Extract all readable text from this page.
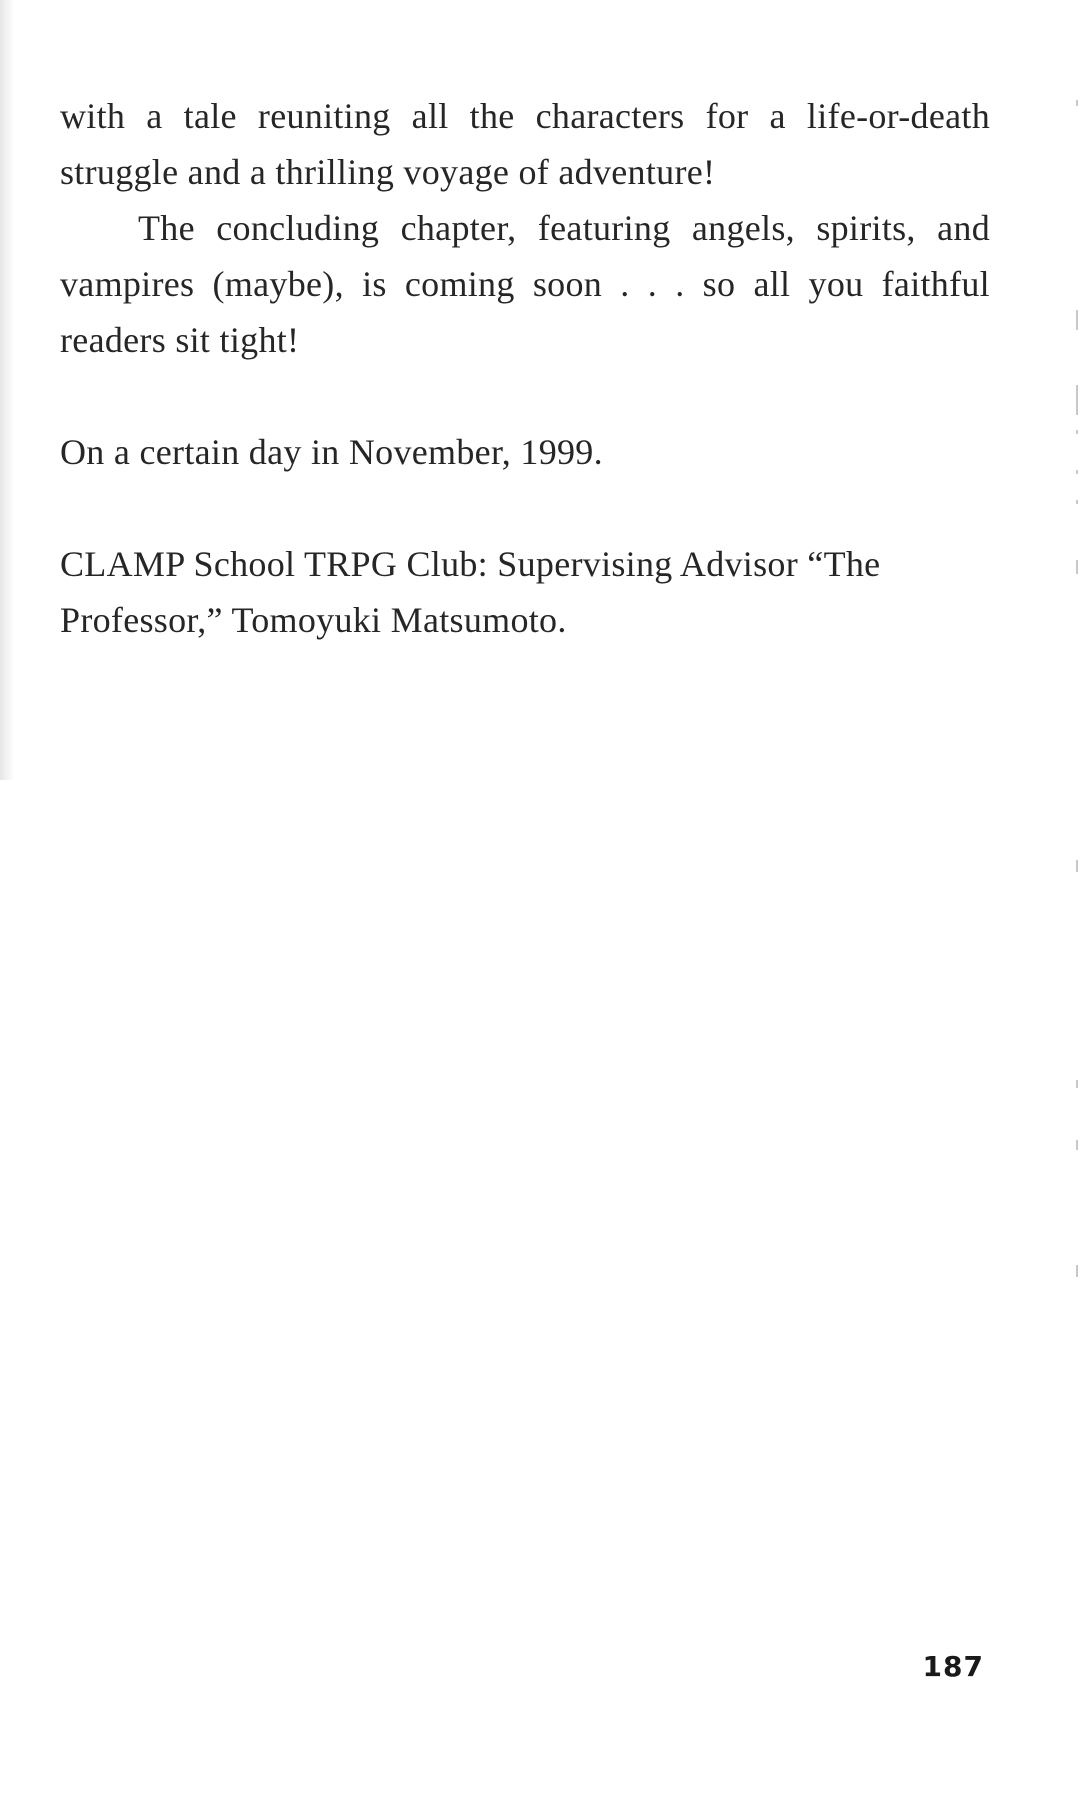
with a tale reuniting all the characters for a life-or-death struggle and a thrilling voyage of adventure!

The concluding chapter, featuring angels, spirits, and vampires (maybe), is coming soon . . . so all you faithful readers sit tight!

On a certain day in November, 1999.

CLAMP School TRPG Club: Supervising Advisor “The Professor,” Tomoyuki Matsumoto.

187
